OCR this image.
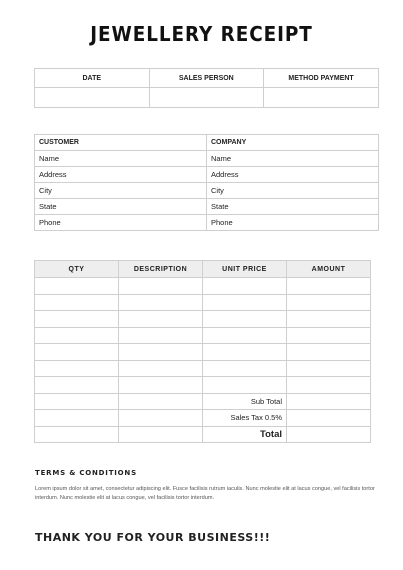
JEWELLERY RECEIPT
DATE	SALES PERSON	METHOD PAYMENT

CUSTOMER	COMPANY
Name	Name
Address	Address
City	City
State	State
Phone	Phone
QTY	DESCRIPTION	UNIT PRICE	AMOUNT

		Sub Total	
		Sales Tax 0.5%	
		Total	
TERMS & CONDITIONS
Lorem ipsum dolor sit amet, consectetur adipiscing elit. Fusce facilisis rutrum iaculis. Nunc molestie elit at lacus congue, vel facilisis tortor interdum. Nunc molestie elit at lacus congue, vel facilisis tortor interdum.
THANK YOU FOR YOUR BUSINESS!!!
